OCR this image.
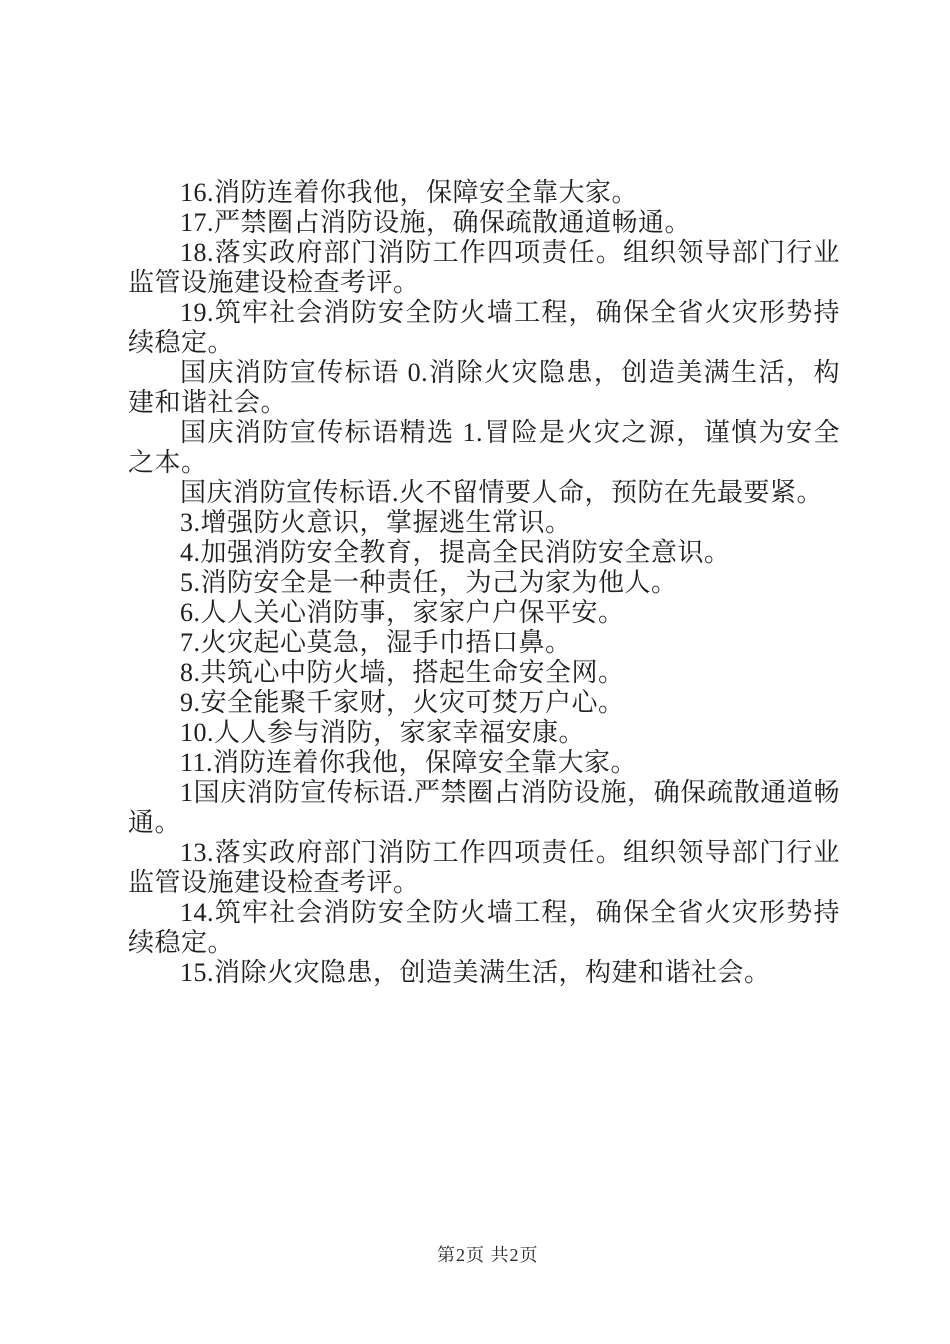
16.消防连着你我他，保障安全靠大家。

17.严禁圈占消防设施，确保疏散通道畅通。

18.落实政府部门消防工作四项责任。组织领导部门行业监管设施建设检查考评。

19.筑牢社会消防安全防火墙工程，确保全省火灾形势持续稳定。

国庆消防宣传标语 0.消除火灾隐患，创造美满生活，构建和谐社会。

国庆消防宣传标语精选 1.冒险是火灾之源，谨慎为安全之本。

国庆消防宣传标语.火不留情要人命，预防在先最要紧。

3.增强防火意识，掌握逃生常识。

4.加强消防安全教育，提高全民消防安全意识。

5.消防安全是一种责任，为己为家为他人。

6.人人关心消防事，家家户户保平安。

7.火灾起心莫急，湿手巾捂口鼻。

8.共筑心中防火墙，搭起生命安全网。

9.安全能聚千家财，火灾可焚万户心。

10.人人参与消防，家家幸福安康。

11.消防连着你我他，保障安全靠大家。

1国庆消防宣传标语.严禁圈占消防设施，确保疏散通道畅通。

13.落实政府部门消防工作四项责任。组织领导部门行业监管设施建设检查考评。

14.筑牢社会消防安全防火墙工程，确保全省火灾形势持续稳定。

15.消除火灾隐患，创造美满生活，构建和谐社会。

第2页 共2页
